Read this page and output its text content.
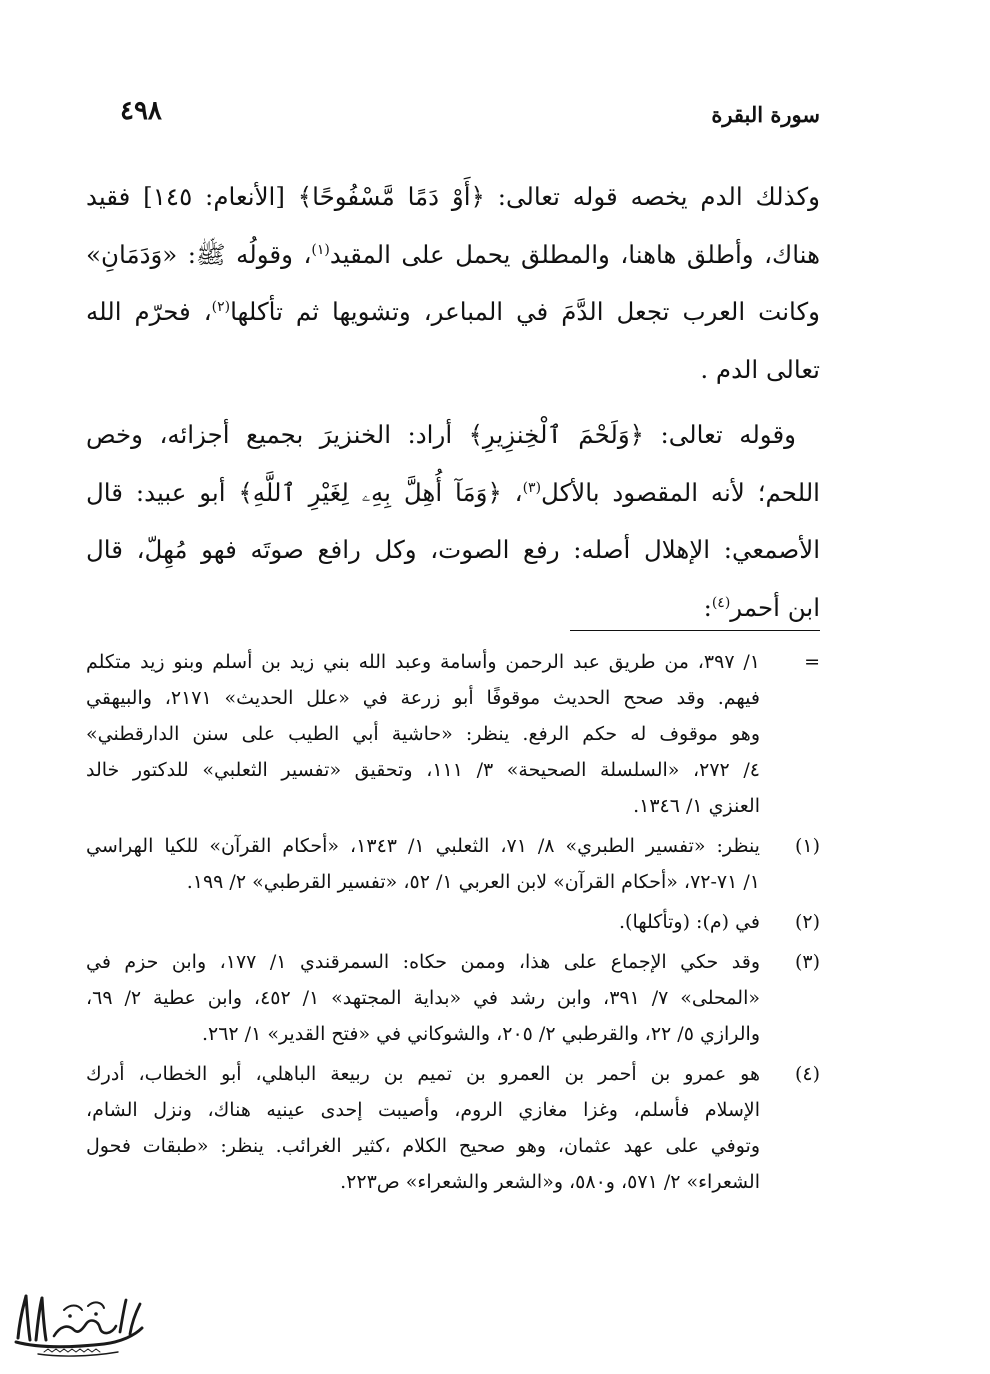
سورة البقرة
٤٩٨
وكذلك الدم يخصه قوله تعالى: ﴿أَوْ دَمًا مَّسْفُوحًا﴾ [الأنعام: ١٤٥] فقيد
هناك، وأطلق هاهنا، والمطلق يحمل على المقيد$^{(١)}$، وقولُه ﷺ: «وَدَمَانِ»
وكانت العرب تجعل الدَّمَ في المباعر، وتشويها ثم تأكلها$^{(٢)}$، فحرّم الله
تعالى الدم .
وقوله تعالى: ﴿وَلَحْمَ ٱلْخِنزِيرِ﴾ أراد: الخنزيرَ بجميع أجزائه، وخص
اللحم؛ لأنه المقصود بالأكل$^{(٣)}$، ﴿وَمَآ أُهِلَّ بِهِۦ لِغَيْرِ ٱللَّهِ﴾ أبو عبيد: قال
الأصمعي: الإهلال أصله: رفع الصوت، وكل رافع صوتَه فهو مُهِلّ، قال
ابن أحمر$^{(٤)}$:
=
١/ ٣٩٧، من طريق عبد الرحمن وأسامة وعبد الله بني زيد بن أسلم وبنو زيد متكلم
فيهم. وقد صحح الحديث موقوفًا أبو زرعة في «علل الحديث» ٢١٧١، والبيهقي
وهو موقوف له حكم الرفع. ينظر: «حاشية أبي الطيب على سنن الدارقطني»
٤/ ٢٧٢، «السلسلة الصحيحة» ٣/ ١١١، وتحقيق «تفسير الثعلبي» للدكتور خالد
العنزي ١/ ١٣٤٦.
(١)
ينظر: «تفسير الطبري» ٨/ ٧١، الثعلبي ١/ ١٣٤٣، «أحكام القرآن» للكيا الهراسي
١/ ٧١-٧٢، «أحكام القرآن» لابن العربي ١/ ٥٢، «تفسير القرطبي» ٢/ ١٩٩.
(٢)
في (م): (وتأكلها).
(٣)
وقد حكي الإجماع على هذا، وممن حكاه: السمرقندي ١/ ١٧٧، وابن حزم في
«المحلى» ٧/ ٣٩١، وابن رشد في «بداية المجتهد» ١/ ٤٥٢، وابن عطية ٢/ ٦٩،
والرازي ٥/ ٢٢، والقرطبي ٢/ ٢٠٥، والشوكاني في «فتح القدير» ١/ ٢٦٢.
(٤)
هو عمرو بن أحمر بن العمرو بن تميم بن ربيعة الباهلي، أبو الخطاب، أدرك
الإسلام فأسلم، وغزا مغازي الروم، وأصيبت إحدى عينيه هناك، ونزل الشام،
وتوفي على عهد عثمان، وهو صحيح الكلام ،كثير الغرائب. ينظر: «طبقات فحول
الشعراء» ٢/ ٥٧١، و٥٨٠، و«الشعر والشعراء» ص٢٢٣.
